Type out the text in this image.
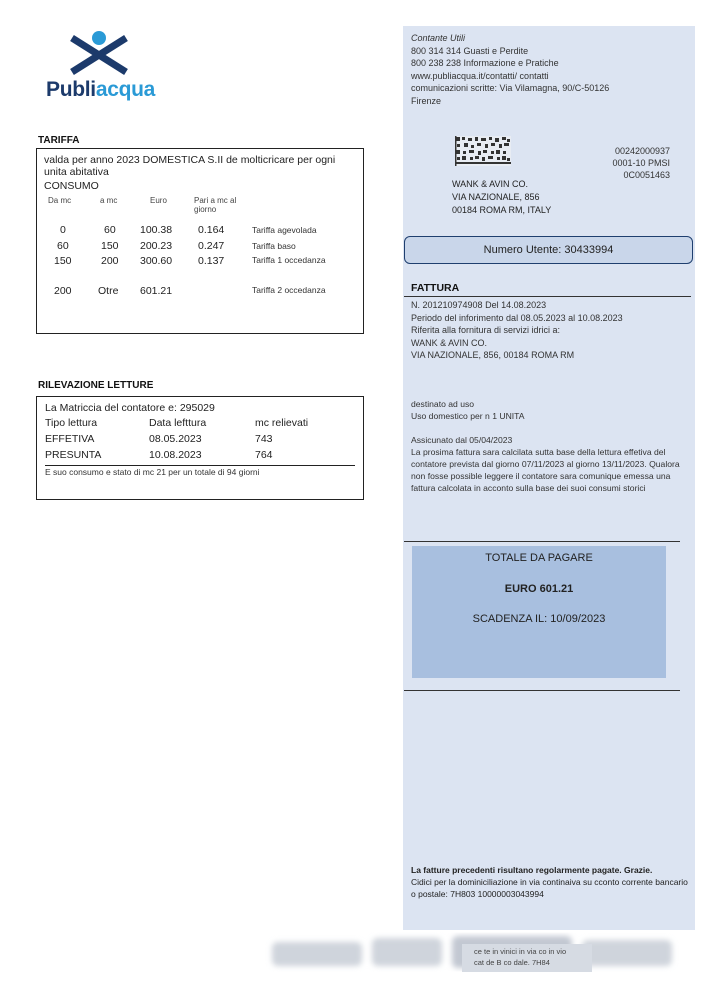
Publiacqua
TARIFFA
valda per anno 2023 DOMESTICA S.II de molticricare per ogni unita abitativa
CONSUMO
Da mc	a mc	Euro	Pari a mc al giorno
0	60 100.38 0.164	Tariffa agevolada
60	150 200.23 0.247	Tariffa baso
150	200 300.60 0.137	Tariffa 1 occedanza
200	Otre 601.21	Tariffa 2 occedanza
RILEVAZIONE LETTURE
La Matriccia del contatore e: 295029
Tipo lettura	Data lefttura	mc relievati
EFFETIVA	08.05.2023	743
PRESUNTA	10.08.2023	764
E suo consumo e stato di mc 21 per un totale di 94 giorni
Contante Utili
800 314 314 Guasti e Perdite
800 238 238 Informazione e Pratiche
www.publiacqua.it/contatti/ contatti
comunicazioni scritte: Via Vilamagna, 90/C-50126
Firenze
00242000937
0001-10 PMSI
0C0051463
WANK & AVIN CO.
VIA NAZIONALE, 856
00184 ROMA RM, ITALY
Numero Utente: 30433994
FATTURA
N. 201210974908 Del 14.08.2023
Periodo del inforimento dal 08.05.2023 al 10.08.2023
Riferita alla fornitura di servizi idrici a:
WANK & AVIN CO.
VIA NAZIONALE, 856, 00184 ROMA RM
destinato ad uso
Uso domestico per n 1 UNITA
Assicunato dal 05/04/2023
La prosima fattura sara calcilata sutta base della lettura effetiva del contatore prevista dal giorno 07/11/2023 al giorno 13/11/2023. Qualora non fosse possible leggere il contatore sara comunique emessa una fattura calcolata in acconto sulla base dei suoi consumi storici
TOTALE DA PAGARE
EURO 601.21
SCADENZA IL: 10/09/2023
La fatture precedenti risultano regolarmente pagate. Grazie.
Cidici per la dominiciliazione in via continaiva su cconto corrente bancario o postale: 7H803 10000003043994
ce te in vinici in via co in vio
cat de B co dale. 7H84
